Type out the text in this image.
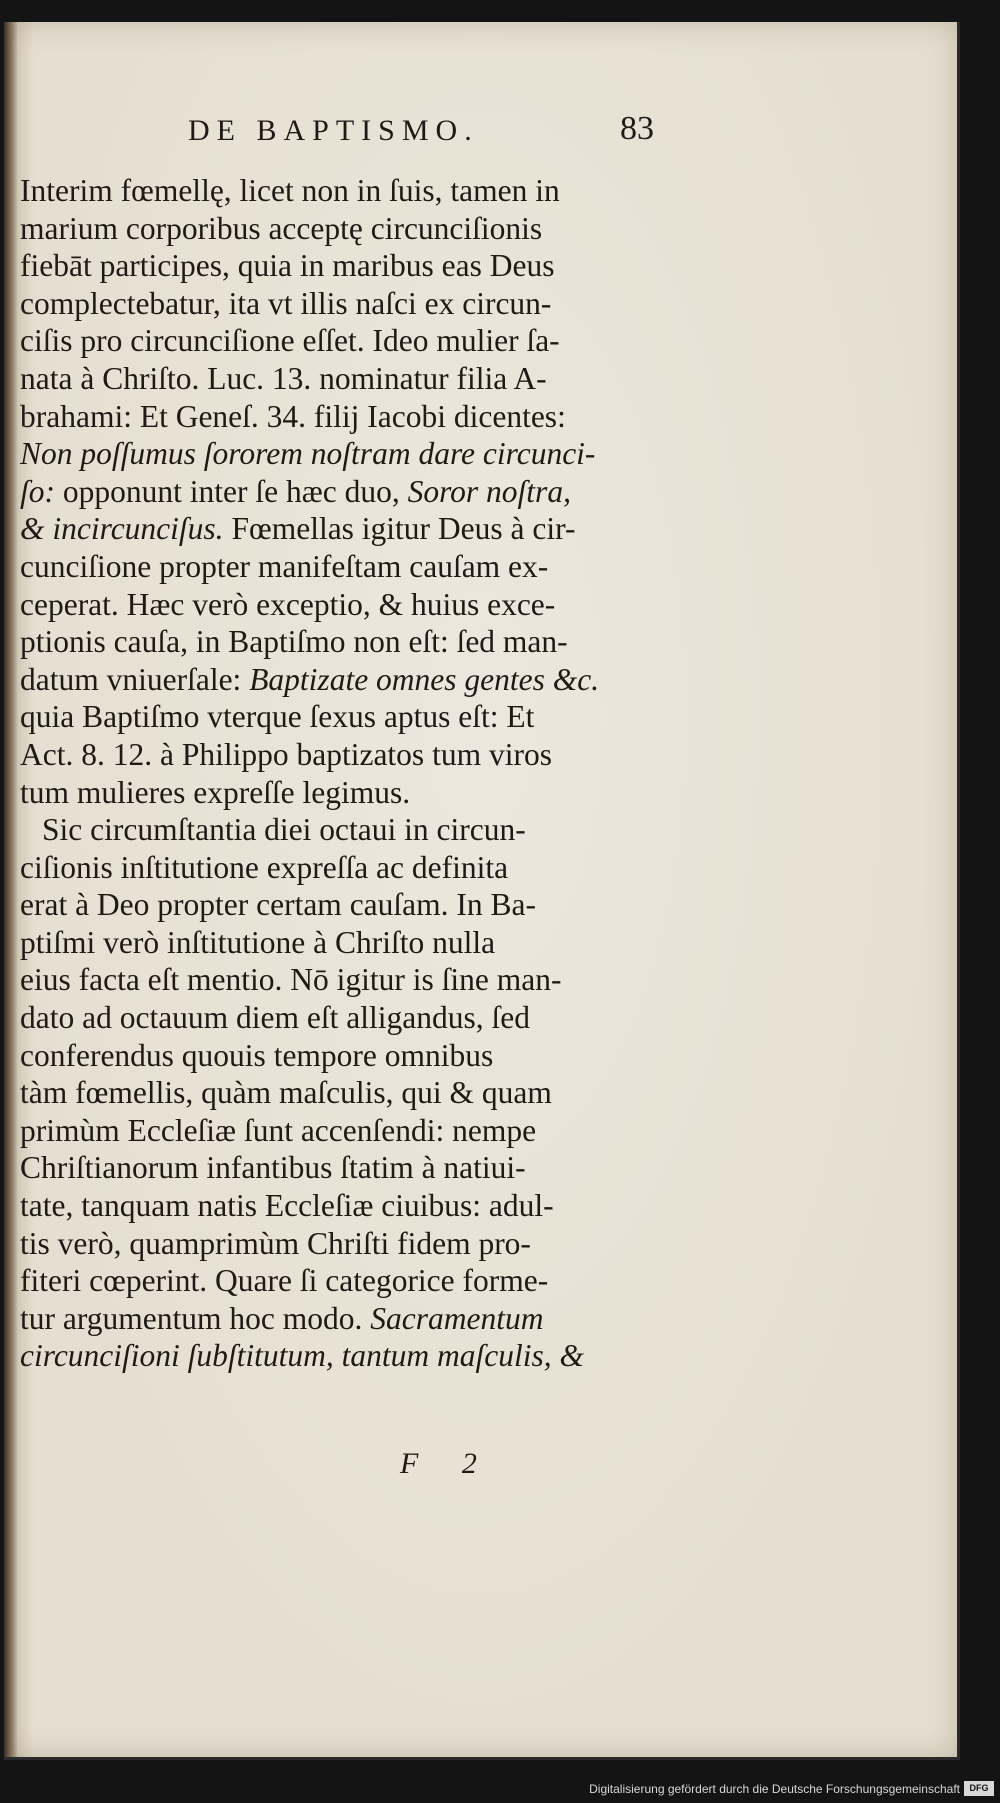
DE BAPTISMO.	83
Interim fœmellę, licet non in ſuis, tamen in
marium corporibus acceptę circunciſionis
fiebāt participes, quia in maribus eas Deus
complectebatur, ita vt illis naſci ex circun-
ciſis pro circunciſione eſſet. Ideo mulier ſa-
nata à Chriſto. Luc. 13. nominatur filia A-
brahami: Et Geneſ. 34. filij Iacobi dicentes:
Non poſſumus ſororem noſtram dare circunci-
ſo: opponunt inter ſe hæc duo, Soror noſtra,
& incircunciſus. Fœmellas igitur Deus à cir-
cunciſione propter manifeſtam cauſam ex-
ceperat. Hæc verò exceptio, & huius exce-
ptionis cauſa, in Baptiſmo non eſt: ſed man-
datum vniuerſale: Baptizate omnes gentes &c.
quia Baptiſmo vterque ſexus aptus eſt: Et
Act. 8. 12. à Philippo baptizatos tum viros
tum mulieres expreſſe legimus.
Sic circumſtantia diei octaui in circun-
ciſionis inſtitutione expreſſa ac definita
erat à Deo propter certam cauſam. In Ba-
ptiſmi verò inſtitutione à Chriſto nulla
eius facta eſt mentio. Nō igitur is ſine man-
dato ad octauum diem eſt alligandus, ſed
conferendus quouis tempore omnibus
tàm fœmellis, quàm maſculis, qui & quam
primùm Eccleſiæ ſunt accenſendi: nempe
Chriſtianorum infantibus ſtatim à natiui-
tate, tanquam natis Eccleſiæ ciuibus: adul-
tis verò, quamprimùm Chriſti fidem pro-
fiteri cœperint. Quare ſi categorice forme-
tur argumentum hoc modo. Sacramentum
circunciſioni ſubſtitutum, tantum maſculis, &
F 2
Digitalisierung gefördert durch die Deutsche Forschungsgemeinschaft	DFG
